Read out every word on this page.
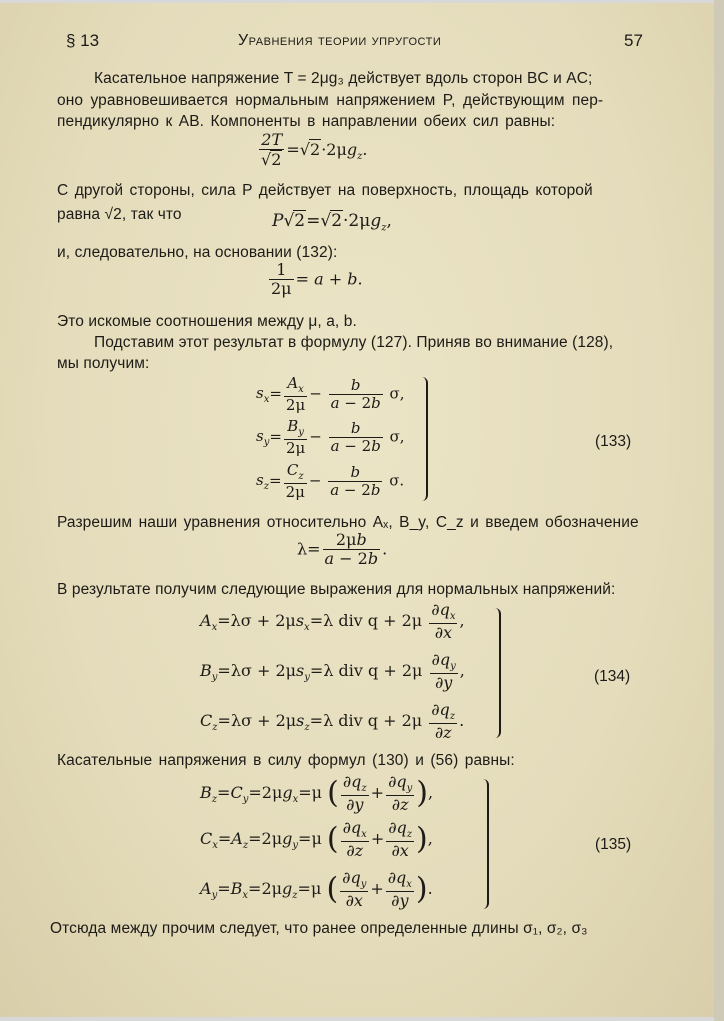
§ 13	Уравнения теории упругости	57
Касательное напряжение T = 2μg₃ действует вдоль сторон BC и AC;
оно уравновешивается нормальным напряжением P, действующим пер-
пендикулярно к AB. Компоненты в направлении обеих сил равны:
$\frac{2T}{√2} =√2\cdot 2\mu g_z$.
С другой стороны, сила P действует на поверхность, площадь которой
равна √2, так что	$P√2=√2\cdot 2\mu g_z$,
и, следовательно, на основании (132):
$\frac{1}{2\mu} = a + b$.
Это искомые соотношения между μ, a, b.
Подставим этот результат в формулу (127). Приняв во внимание (128),
мы получим:
$s_x= \frac{A_x}{2\mu} - \frac{b}{a - 2b} \sigma$,
$s_y= \frac{B_y}{2\mu} - \frac{b}{a - 2b} \sigma$,
$s_z= \frac{C_z}{2\mu} - \frac{b}{a - 2b} \sigma$.
(133)
Разрешим наши уравнения относительно Aₓ, B_y, C_z и введем обозначение
$\lambda= \frac{2\mu b}{a - 2b}$ .
В результате получим следующие выражения для нормальных напряжений:
$A_x=\lambda\sigma + 2\mu s_x=\lambda$ div $q + 2\mu \frac{\partial q_x}{\partial x}$ ,
$B_y=\lambda\sigma + 2\mu s_y=\lambda$ div $q + 2\mu \frac{\partial q_y}{\partial y}$ ,
$C_z=\lambda\sigma + 2\mu s_z=\lambda$ div $q + 2\mu \frac{\partial q_z}{\partial z}$ .
(134)
Касательные напряжения в силу формул (130) и (56) равны:
$B_z=C_y=2\mu g_x=\mu$ ( $\frac{\partial q_z}{\partial y} + \frac{\partial q_y}{\partial z}$ ),
$C_x=A_z=2\mu g_y=\mu$ ( $\frac{\partial q_x}{\partial z} + \frac{\partial q_z}{\partial x}$ ),
$A_y=B_x=2\mu g_z=\mu$ ( $\frac{\partial q_y}{\partial x} + \frac{\partial q_x}{\partial y}$ ).
(135)
Отсюда между прочим следует, что ранее определенные длины σ₁, σ₂, σ₃
